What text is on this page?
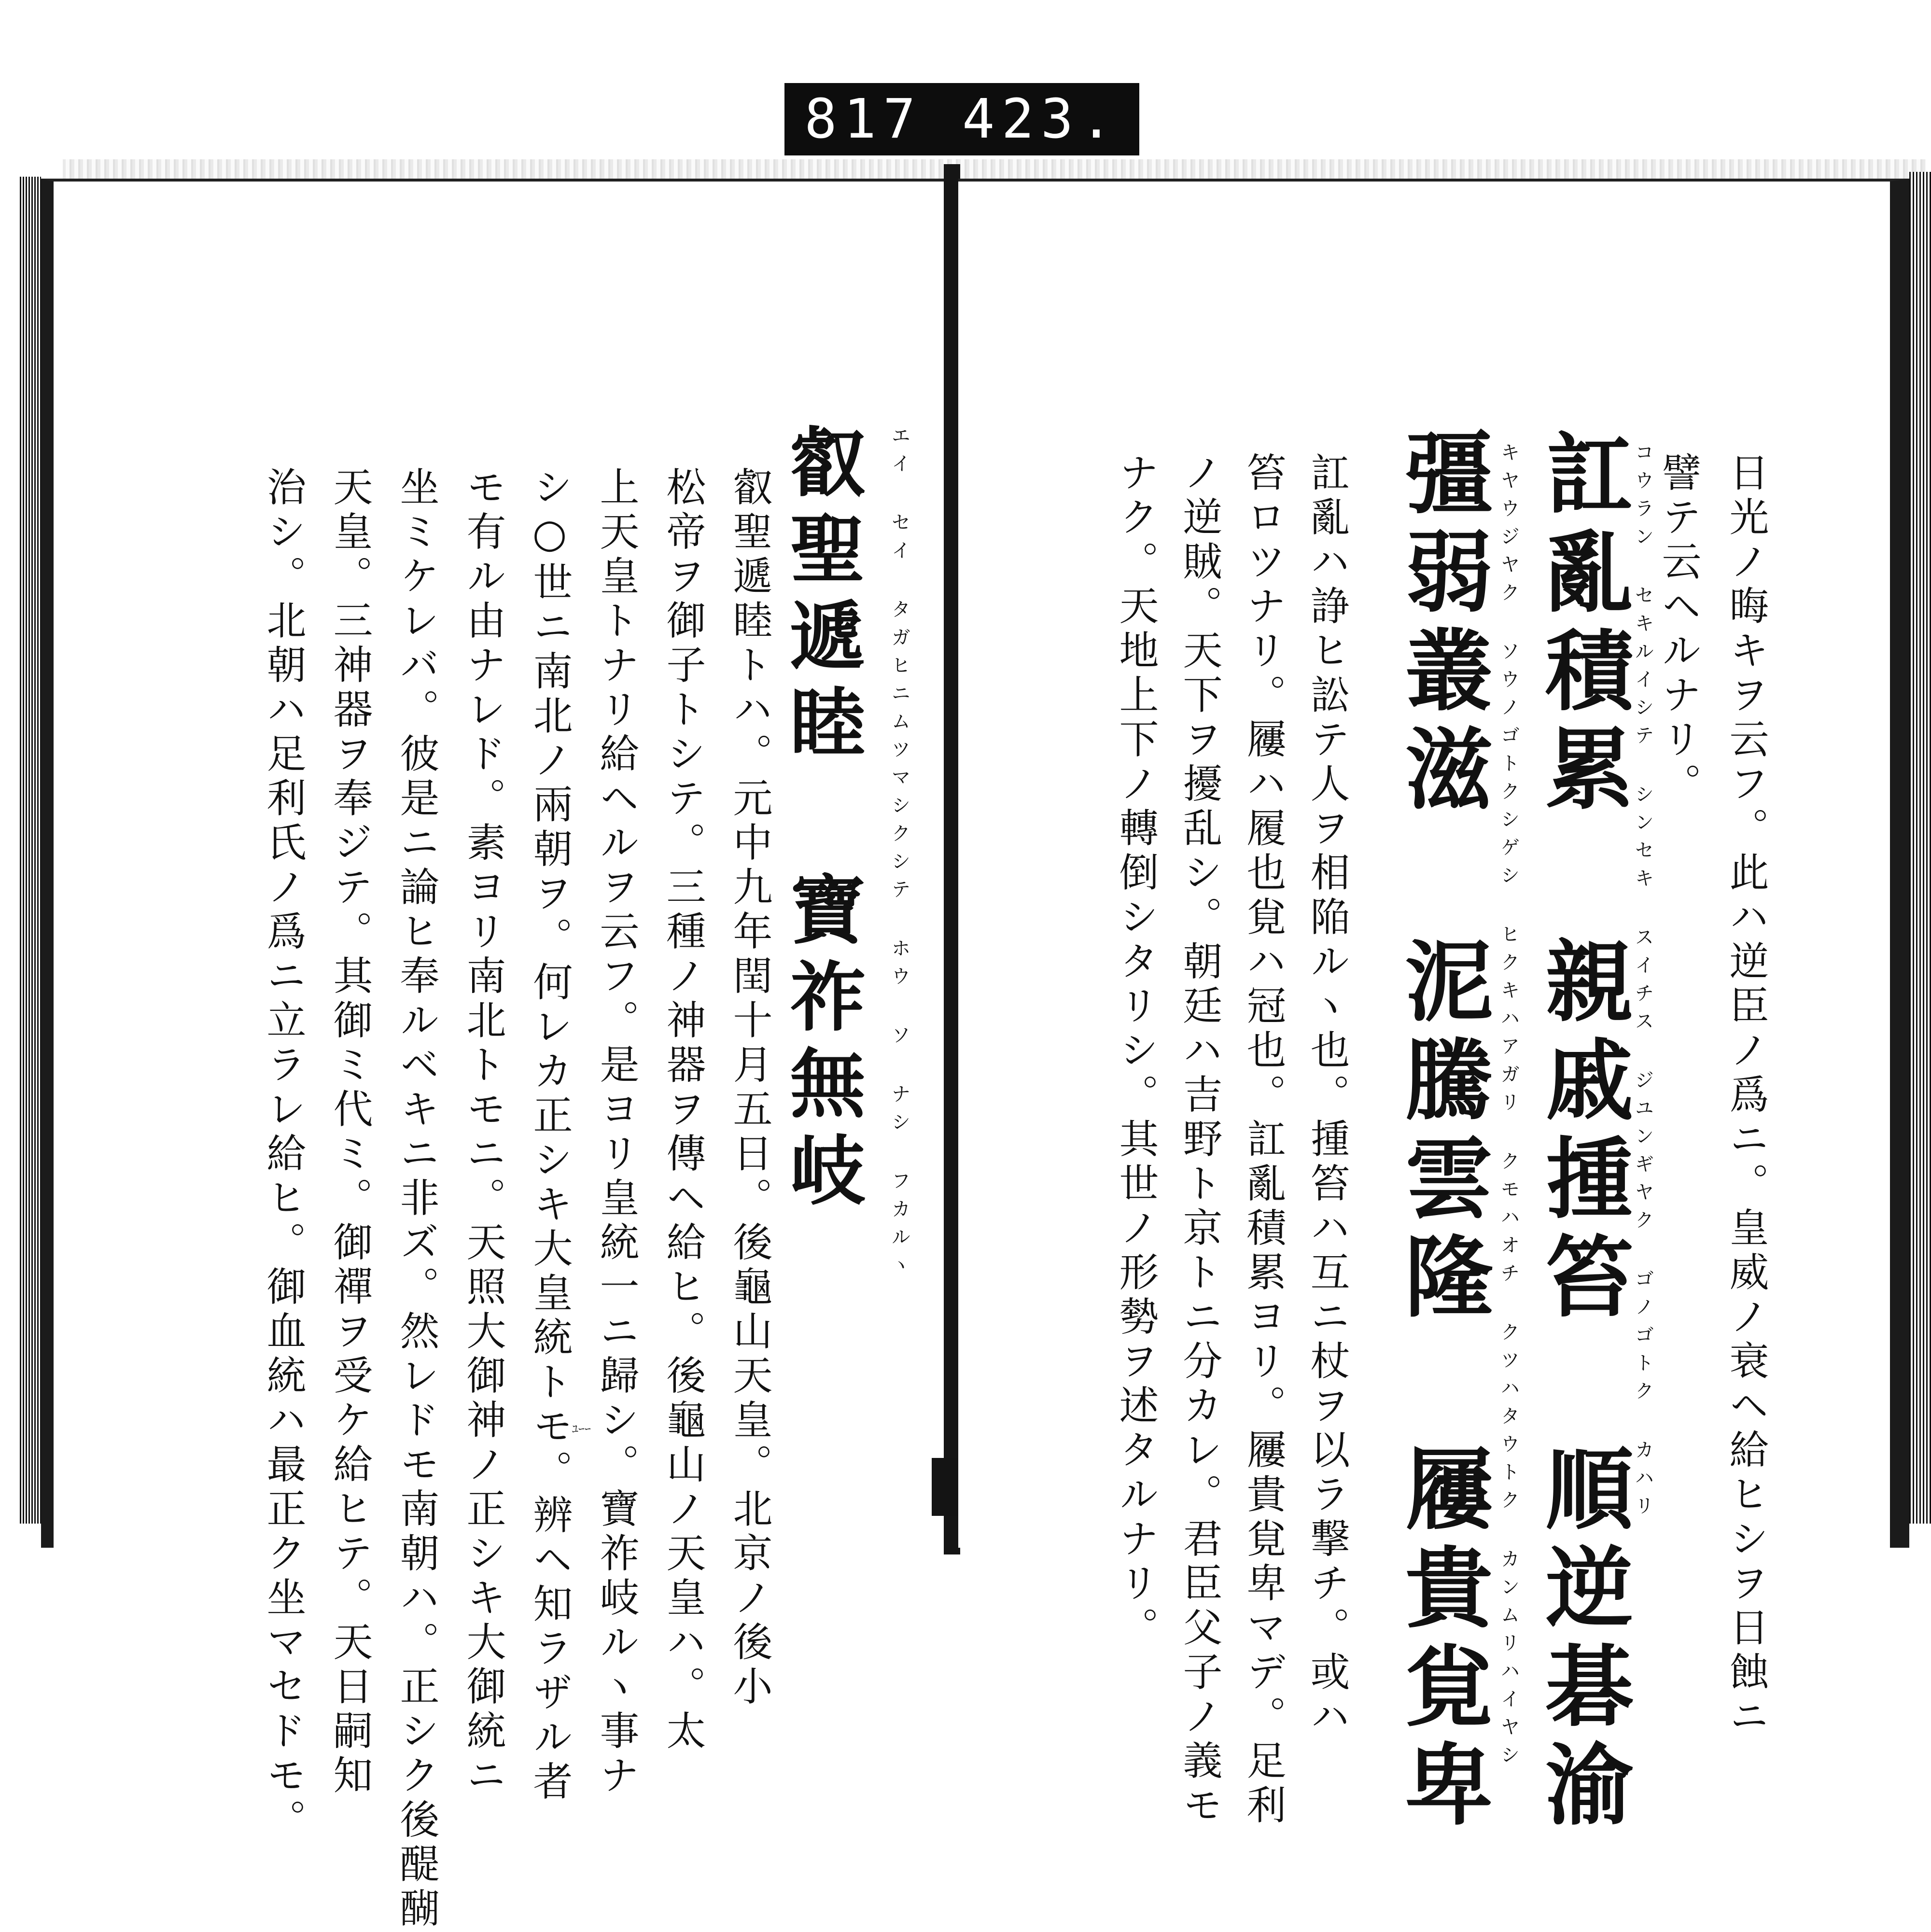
817 423.
叡聖遞睦トハ。元中九年閏十月五日。後龜山天皇。北京ノ後小
松帝ヲ御子トシテ。三種ノ神器ヲ傳ヘ給ヒ。後龜山ノ天皇ハ。太
上天皇トナリ給ヘルヲ云フ。是ヨリ皇統一ニ歸シ。寶祚岐ルヽ事ナ
シ○世ニ南北ノ兩朝ヲ。何レカ正シキ大皇統トモ。辨ヘ知ラザル者
モ有ル由ナレド。素ヨリ南北トモニ。天照大御神ノ正シキ大御統ニ
坐ミケレバ。彼是ニ論ヒ奉ルベキニ非ズ。然レドモ南朝ハ。正シク後醍醐
天皇。三神器ヲ奉ジテ。其御ミ代ミ。御禪ヲ受ケ給ヒテ。天日嗣知
治シ。北朝ハ足利氏ノ爲ニ立ラレ給ヒ。御血統ハ最正ク坐マセドモ。	叡聖遞睦 寶祚無岐 エイ セイ タガヒニムツマシクシテ ホウ ソ ナシ フカルヽ	日光ノ晦キヲ云フ。此ハ逆臣ノ爲ニ。皇威ノ衰ヘ給ヒシヲ日蝕ニ
譬テ云ヘルナリ。
訌亂積累 親戚揰笞 順逆碁渝
コウラン セキルイシテ シンセキ スイチス ジユンギヤク ゴノゴトク カハリ
彊弱叢滋 泥騰雲隆 屨貴覍卑 キヤウジヤク ソウノゴトクシゲシ ヒクキハアガリ クモハオチ クツハタウトク カンムリハイヤシ
訌亂ハ諍ヒ訟テ人ヲ相陥ルヽ也。揰笞ハ互ニ杖ヲ以ラ撃チ。或ハ
笞ロツナリ。屨ハ履也覍ハ冠也。訌亂積累ヨリ。屨貴覍卑マデ。足利
ノ逆賊。天下ヲ擾乱シ。朝廷ハ吉野ト京トニ分カレ。君臣父子ノ義モ
ナク。天地上下ノ轉倒シタリシ。其世ノ形勢ヲ述タルナリ。
ﾕｰｰ
